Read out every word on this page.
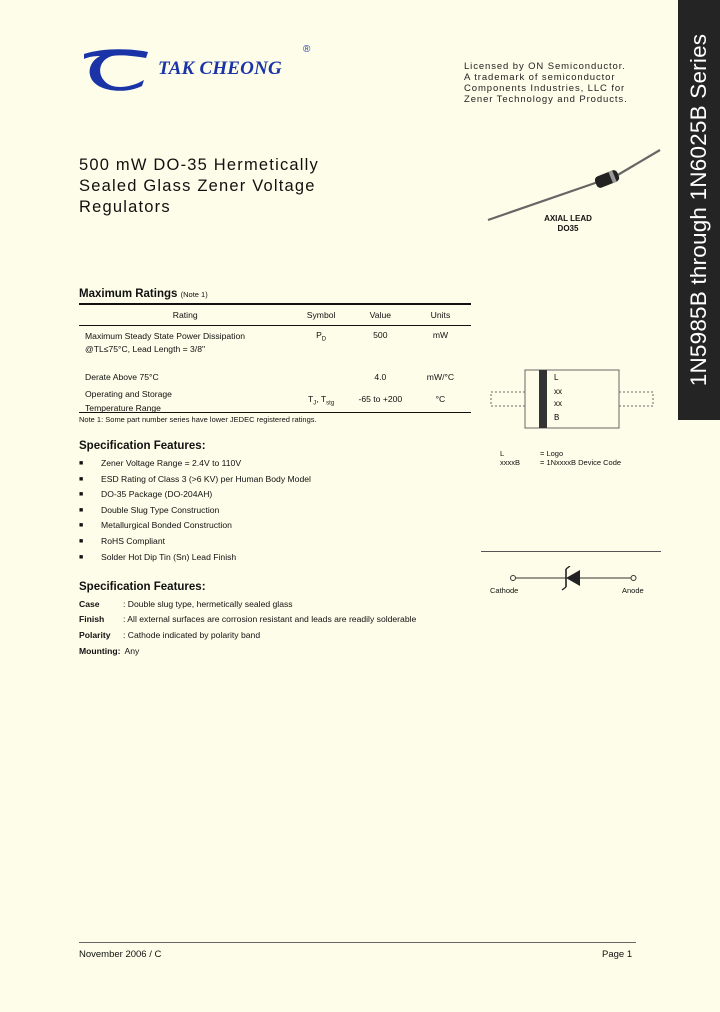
TAK CHEONG
®
Licensed by ON Semiconductor.
A trademark of semiconductor
Components Industries, LLC for
Zener Technology and Products.	1N5985B through 1N6025B Series
500 mW DO-35 Hermetically
Sealed Glass Zener Voltage
Regulators
AXIAL LEAD
DO35
Maximum Ratings (Note 1)
Rating	Symbol	Value	Units

Maximum Steady State Power Dissipation
@TL≤75°C, Lead Length = 3/8"	$P_D$	500	mW

Derate Above 75°C		4.0	mW/°C

Operating and Storage
Temperature Range	$T_J$, $T_{stg}$	-65 to +200	°C
Note 1: Some part number series have lower JEDEC registered ratings.
Specification Features:
■ Zener Voltage Range = 2.4V to 110V
■ ESD Rating of Class 3 (>6 KV) per Human Body Model
■ DO-35 Package (DO-204AH)
■ Double Slug Type Construction
■ Metallurgical Bonded Construction
■ RoHS Compliant
■ Solder Hot Dip Tin (Sn) Lead Finish
Specification Features:
Case	: Double slug type, hermetically sealed glass
Finish : All external surfaces are corrosion resistant and leads are readily solderable
Polarity : Cathode indicated by polarity band
Mounting: Any
L
xx
xx
B
L	= Logo
xxxxB	= 1NxxxxB Device Code
Cathode	Anode
November 2006 / C	Page 1
